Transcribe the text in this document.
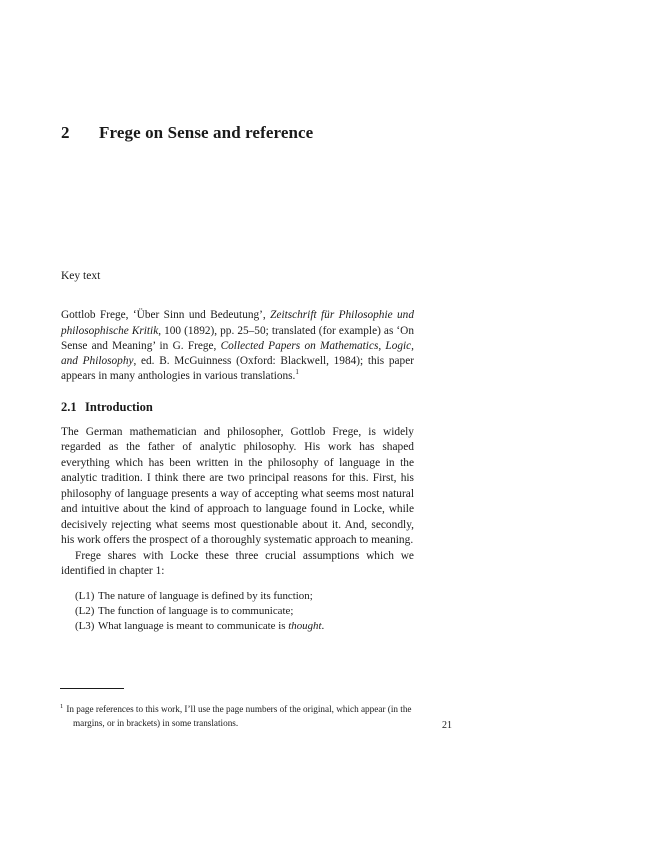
2	Frege on Sense and reference
Key text

Gottlob Frege, ‘Über Sinn und Bedeutung’, Zeitschrift für Philosophie und philosophische Kritik, 100 (1892), pp. 25–50; translated (for example) as ‘On Sense and Meaning’ in G. Frege, Collected Papers on Mathematics, Logic, and Philosophy, ed. B. McGuinness (Oxford: Blackwell, 1984); this paper appears in many anthologies in various translations.$^1$

2.1 Introduction

The German mathematician and philosopher, Gottlob Frege, is widely regarded as the father of analytic philosophy. His work has shaped everything which has been written in the philosophy of language in the analytic tradition. I think there are two principal reasons for this. First, his philosophy of language presents a way of accepting what seems most natural and intuitive about the kind of approach to language found in Locke, while decisively rejecting what seems most questionable about it. And, secondly, his work offers the prospect of a thoroughly systematic approach to meaning.

Frege shares with Locke these three crucial assumptions which we identified in chapter 1:

(L1) The nature of language is defined by its function;
(L2) The function of language is to communicate;
(L3) What language is meant to communicate is thought.

$^1$ In page references to this work, I’ll use the page numbers of the original, which appear (in the margins, or in brackets) in some translations.	21
